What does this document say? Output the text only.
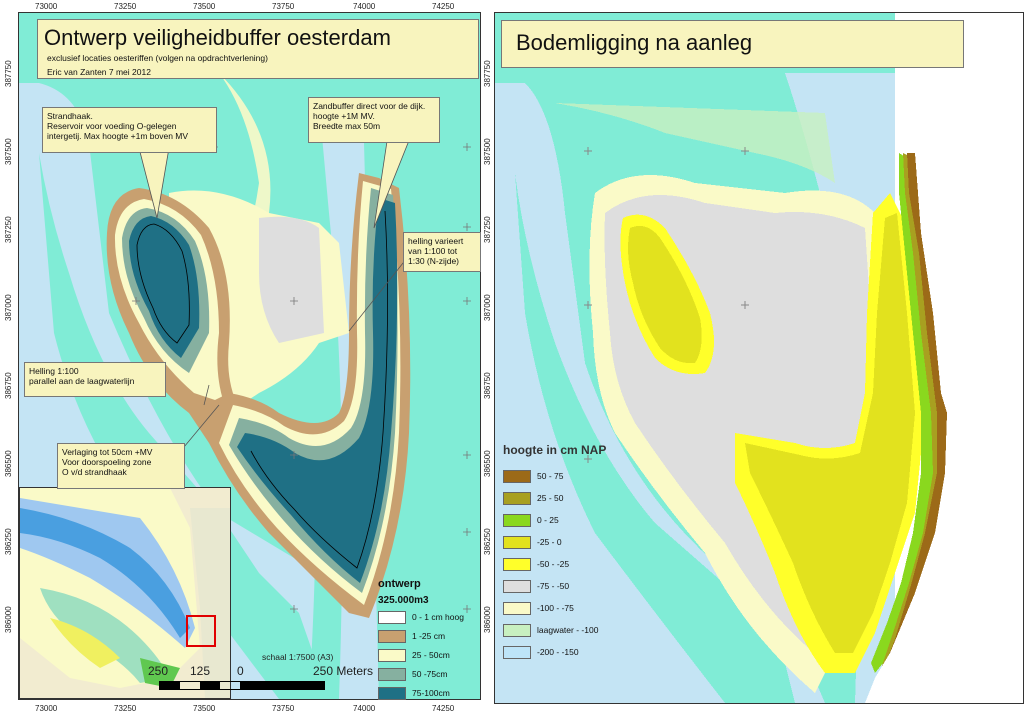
73000	73250	73500	73750	74000	74250
73000	73250	73500	73750	74000	74250
387750
387500
387250
387000
386750
386500
386250
386000
387750
387500
387250
387000
386750
386500
386250
386000
Ontwerp veiligheidbuffer oesterdam
exclusief locaties oesteriffen (volgen na opdrachtverlening)
Eric van Zanten 7 mei 2012
Strandhaak.
Reservoir voor voeding O-gelegen
intergetij. Max hoogte +1m boven MV
Zandbuffer direct voor de dijk.
hoogte +1M MV.
Breedte max 50m
helling varieert
van 1:100 tot
1:30 (N-zijde)
Helling 1:100
parallel aan de laagwaterlijn
Verlaging tot 50cm +MV
Voor doorspoeling zone
O v/d strandhaak
schaal 1:7500 (A3)
250 125 0	250 Meters
ontwerp
325.000m3
0 - 1 cm hoog
1 -25 cm
25 - 50cm
50 -75cm
75-100cm
Bodemligging na aanleg
hoogte in cm NAP
50 - 75
25 - 50
0 - 25
-25 - 0
-50 - -25
-75 - -50
-100 - -75
laagwater - -100
-200 - -150
